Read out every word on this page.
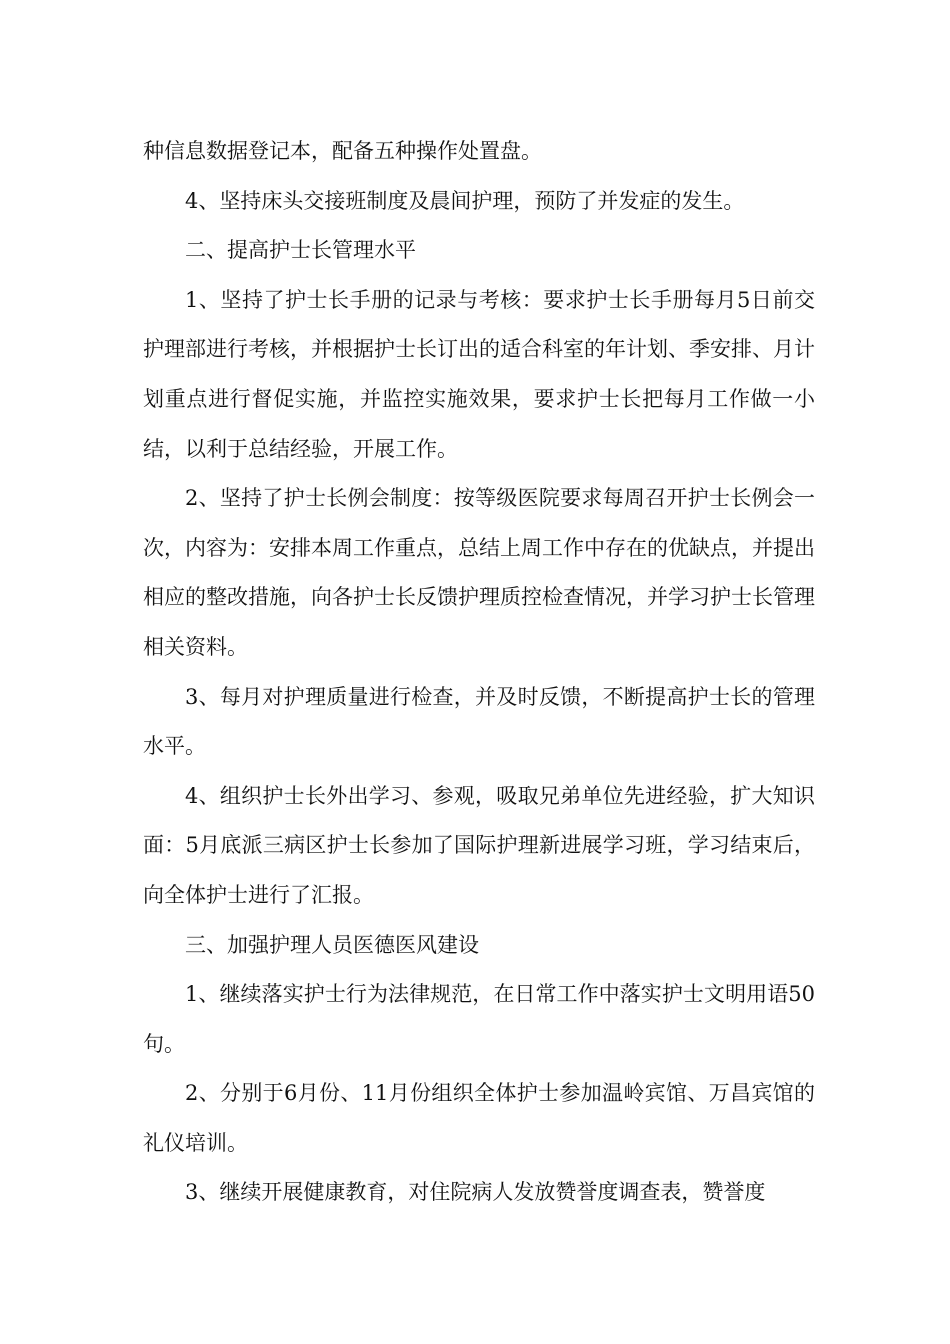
种信息数据登记本，配备五种操作处置盘。

4、坚持床头交接班制度及晨间护理，预防了并发症的发生。

二、提高护士长管理水平

1、坚持了护士长手册的记录与考核：要求护士长手册每月5日前交护理部进行考核，并根据护士长订出的适合科室的年计划、季安排、月计划重点进行督促实施，并监控实施效果，要求护士长把每月工作做一小结，以利于总结经验，开展工作。

2、坚持了护士长例会制度：按等级医院要求每周召开护士长例会一次，内容为：安排本周工作重点，总结上周工作中存在的优缺点，并提出相应的整改措施，向各护士长反馈护理质控检查情况，并学习护士长管理相关资料。

3、每月对护理质量进行检查，并及时反馈，不断提高护士长的管理水平。

4、组织护士长外出学习、参观，吸取兄弟单位先进经验，扩大知识面：5月底派三病区护士长参加了国际护理新进展学习班，学习结束后，向全体护士进行了汇报。

三、加强护理人员医德医风建设

1、继续落实护士行为法律规范，在日常工作中落实护士文明用语50句。

2、分别于6月份、11月份组织全体护士参加温岭宾馆、万昌宾馆的礼仪培训。

3、继续开展健康教育，对住院病人发放赞誉度调查表，赞誉度
